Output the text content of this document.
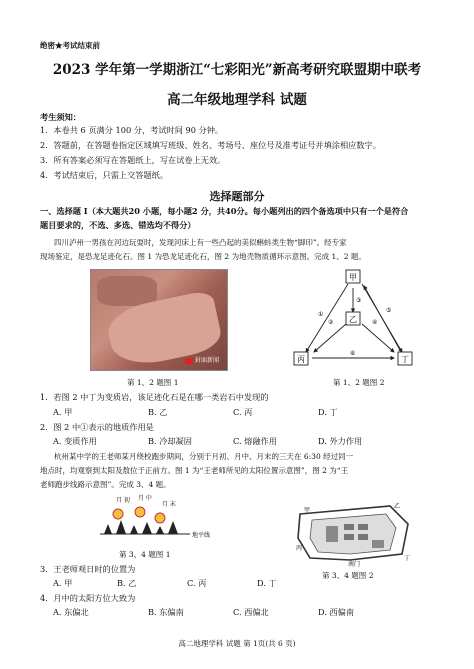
绝密★考试结束前
2023 学年第一学期浙江“七彩阳光”新高考研究联盟期中联考
高二年级地理学科 试题
考生须知：
1．本卷共 6 页满分 100 分，考试时间 90 分钟。
2．答题前，在答题卷指定区域填写班级、姓名、考场号、座位号及准考证号并填涂相应数字。
3．所有答案必须写在答题纸上，写在试卷上无效。
4．考试结束后，只需上交答题纸。
选择题部分
一、选择题 I（本大题共20 小题，每小题2 分，共40分。每小题列出的四个备选项中只有一个是符合
题目要求的，不选、多选、错选均不得分）
四川泸州一男孩在河边玩耍时，发现河床上有一些凸起的美似蝌蚪类生物“脚印”。经专家
现场鉴定，是恐龙足迹化石。图 1 为恐龙足迹化石，图 2 为地壳物质循环示意图。完成 1、2 题。
封面新闻
第 1、2 题图 1
甲
乙
丙	丁
①
②
③
④
⑤
⑥
第 1、2 题图 2
1．若图 2 中丁为变质岩，该足迹化石是在哪一类岩石中发现的
A. 甲	B. 乙	C. 丙	D. 丁
2．图 2 中①表示的地质作用是
A. 变质作用	B. 冷却凝固	C. 熔融作用	D. 外力作用
杭州某中学的王老师某月绕校跑步期间，分别于月初、月中、月末的三天在 6:30 经过同一
地点时，均观察到太阳及敖位于正前方。图 1 为“王老师所见的太阳位置示意图”，图 2 为“王
老师跑步线路示意图”。完成 3、4 题。
月 初 月 中
月 末
地平线
第 3、4 题图 1
甲
乙
丙
丁
南门
第 3、4 题图 2
3．王老师观日时的位置为
A. 甲	B. 乙	C. 丙	D. 丁
4．月中的太阳方位大致为
A. 东偏北	B. 东偏南	C. 西偏北	D. 西偏南
高二地理学科 试题 第 1页(共 6 页)
